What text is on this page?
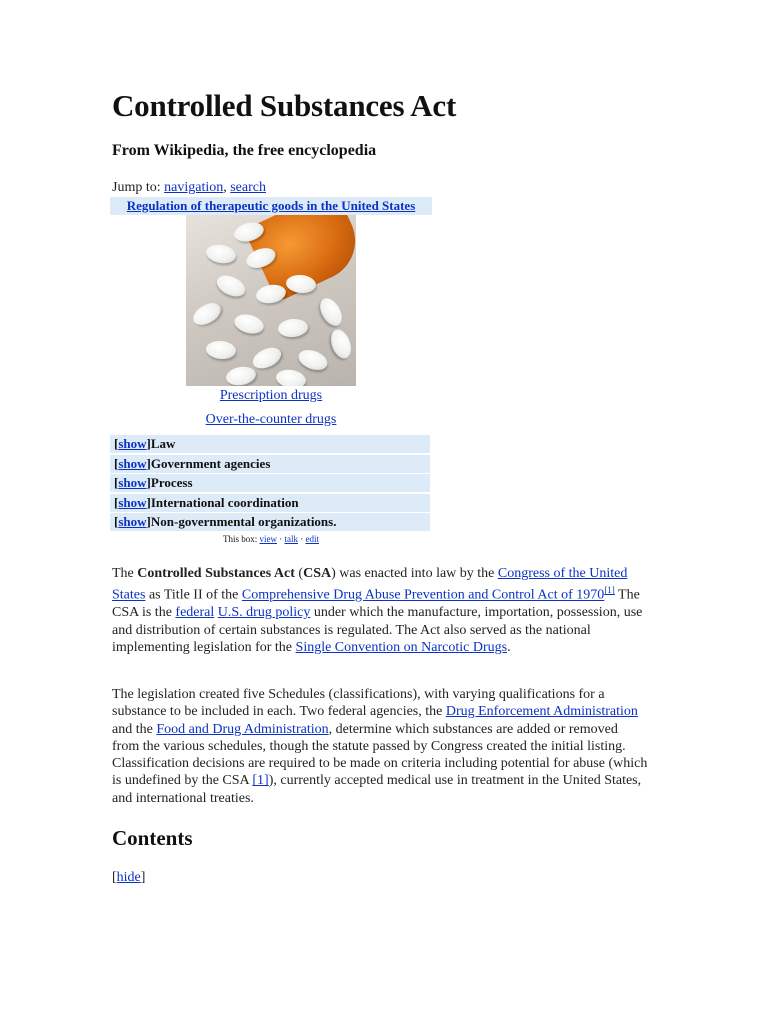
Controlled Substances Act
From Wikipedia, the free encyclopedia
Jump to: navigation, search
Regulation of therapeutic goods in the United States
Prescription drugs
Over-the-counter drugs
[show]Law
[show]Government agencies
[show]Process
[show]International coordination
[show]Non-governmental organizations.
This box: view · talk · edit

The Controlled Substances Act (CSA) was enacted into law by the Congress of the United States as Title II of the Comprehensive Drug Abuse Prevention and Control Act of 1970[1] The CSA is the federal U.S. drug policy under which the manufacture, importation, possession, use and distribution of certain substances is regulated. The Act also served as the national implementing legislation for the Single Convention on Narcotic Drugs.

The legislation created five Schedules (classifications), with varying qualifications for a substance to be included in each. Two federal agencies, the Drug Enforcement Administration and the Food and Drug Administration, determine which substances are added or removed from the various schedules, though the statute passed by Congress created the initial listing. Classification decisions are required to be made on criteria including potential for abuse (which is undefined by the CSA [1]), currently accepted medical use in treatment in the United States, and international treaties.

Contents
[hide]
